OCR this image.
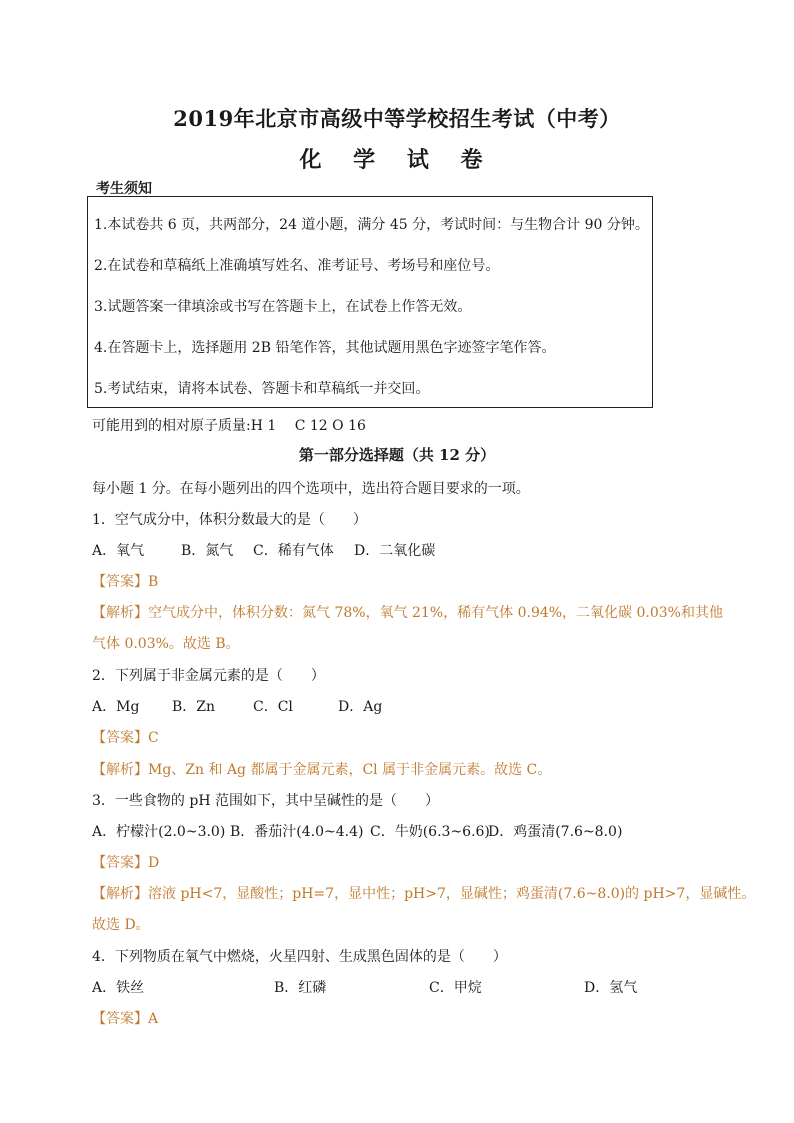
2019年北京市高级中等学校招生考试（中考）
化 学 试 卷
考生须知
1.本试卷共 6 页，共两部分，24 道小题，满分 45 分，考试时间：与生物合计 90 分钟。
2.在试卷和草稿纸上准确填写姓名、准考证号、考场号和座位号。
3.试题答案一律填涂或书写在答题卡上，在试卷上作答无效。
4.在答题卡上，选择题用 2B 铅笔作答，其他试题用黑色字迹签字笔作答。
5.考试结束，请将本试卷、答题卡和草稿纸一并交回。
可能用到的相对原子质量:H 1　 C 12 O 16
第一部分选择题（共 12 分）
每小题 1 分。在每小题列出的四个选项中，选出符合题目要求的一项。
1．空气成分中，体积分数最大的是（　　）
A．氧气	B．氮气 C．稀有气体 D．二氧化碳
【答案】B
【解析】空气成分中，体积分数：氮气 78%，氧气 21%，稀有气体 0.94%，二氧化碳 0.03%和其他
气体 0.03%。故选 B。
2．下列属于非金属元素的是（　　）
A．Mg B．Zn	C．Cl	D．Ag
【答案】C
【解析】Mg、Zn 和 Ag 都属于金属元素，Cl 属于非金属元素。故选 C。
3．一些食物的 pH 范围如下，其中呈碱性的是（　　）
A．柠檬汁(2.0~3.0) B．番茄汁(4.0~4.4) C．牛奶(6.3~6.6)
D．鸡蛋清(7.6~8.0)
【答案】D
【解析】溶液 pH<7，显酸性；pH=7，显中性；pH>7，显碱性；鸡蛋清(7.6~8.0)的 pH>7，显碱性。
故选 D。
4．下列物质在氧气中燃烧，火星四射、生成黑色固体的是（　　）
A．铁丝	B．红磷	C．甲烷	D．氢气
【答案】A
